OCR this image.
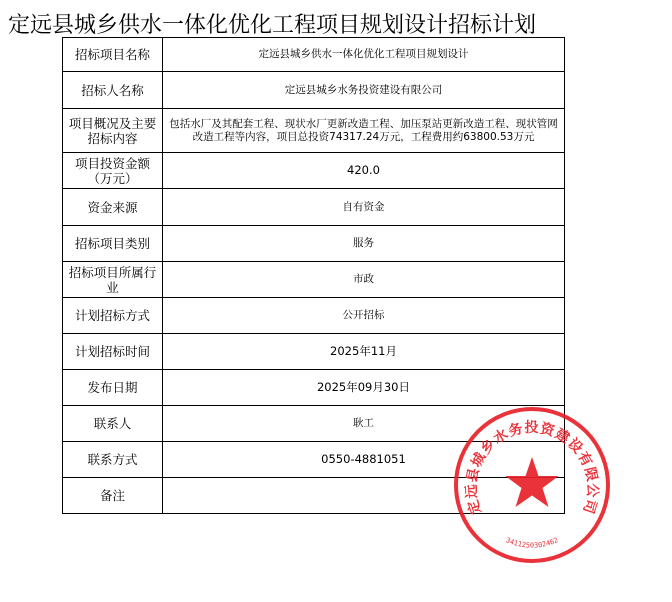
定远县城乡供水一体化优化工程项目规划设计招标计划
招标项目名称	定远县城乡供水一体化优化工程项目规划设计
招标人名称	定远县城乡水务投资建设有限公司
项目概况及主要招标内容	包括水厂及其配套工程、现状水厂更新改造工程、加压泵站更新改造工程、现状管网改造工程等内容，项目总投资74317.24万元，工程费用约63800.53万元
项目投资金额（万元）	420.0
资金来源	自有资金
招标项目类别	服务
招标项目所属行业	市政
计划招标方式	公开招标
计划招标时间	2025年11月
发布日期	2025年09月30日
联系人	耿工
联系方式	0550-4881051
备注	
定远县城乡水务投资建设有限公司
3411250302462
